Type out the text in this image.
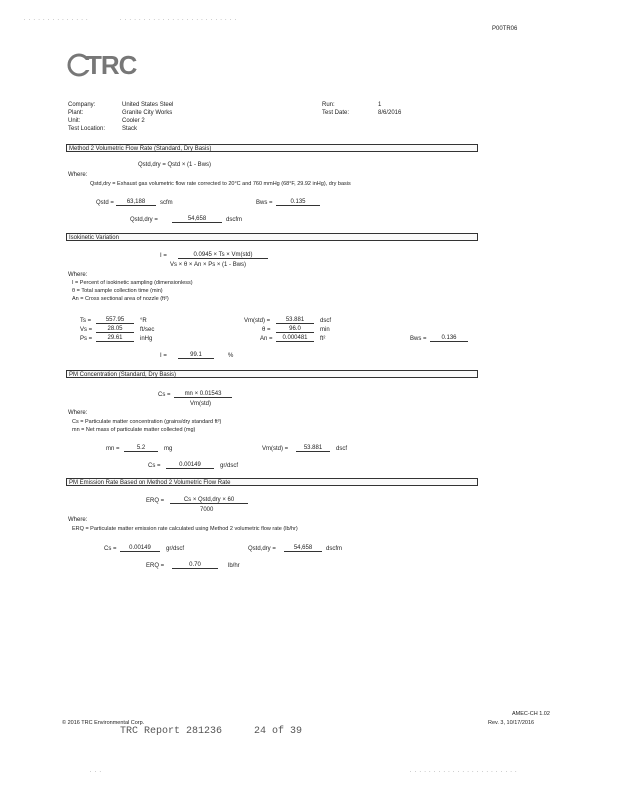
. . . . . . . . . . . . . .	. . . . . . . . . . . . . . . . . . . . . . . . .
P00TR06
TRC
Company:	United States Steel
Plant:	Granite City Works
Unit:	Cooler 2
Test Location:	Stack
Run:	1
Test Date:	8/6/2016
Method 2 Volumetric Flow Rate (Standard, Dry Basis)
Qstd,dry = Qstd × (1 - Bws)
Where:
Qstd,dry = Exhaust gas volumetric flow rate corrected to 20°C and 760 mmHg (68°F, 29.92 inHg), dry basis
Qstd =	63,188	scfm	Bws =	0.135
Qstd,dry =	54,658	dscfm
Isokinetic Variation
I =	0.0945 × Ts × Vm(std)
Vs × θ × An × Ps × (1 - Bws)
Where:
I = Percent of isokinetic sampling (dimensionless)
θ = Total sample collection time (min)
An = Cross sectional area of nozzle (ft²)
Ts =	557.95	°R
Vs =	28.05	ft/sec
Ps =	29.61	inHg
Vm(std) =	53.881	dscf
θ =	96.0	min
An =	0.000481	ft²	Bws =	0.136
I =	99.1	%
PM Concentration (Standard, Dry Basis)
Cs =	mn × 0.01543
Vm(std)
Where:
Cs = Particulate matter concentration (grains/dry standard ft³)
mn = Net mass of particulate matter collected (mg)
mn =	5.2	mg	Vm(std) =	53.881	dscf
Cs =	0.00149	gr/dscf
PM Emission Rate Based on Method 2 Volumetric Flow Rate
ERQ =	Cs × Qstd,dry × 60
7000
Where:
ERQ = Particulate matter emission rate calculated using Method 2 volumetric flow rate (lb/hr)
Cs =	0.00149	gr/dscf	Qstd,dry =	54,658	dscfm
ERQ =	0.70	lb/hr
© 2016 TRC Environmental Corp.
TRC Report 281236	24 of 39
AMEC-CH 1.02
Rev. 3, 10/17/2016
. . .	. . . . . . . . . . . . . . . . . . . . . . .
